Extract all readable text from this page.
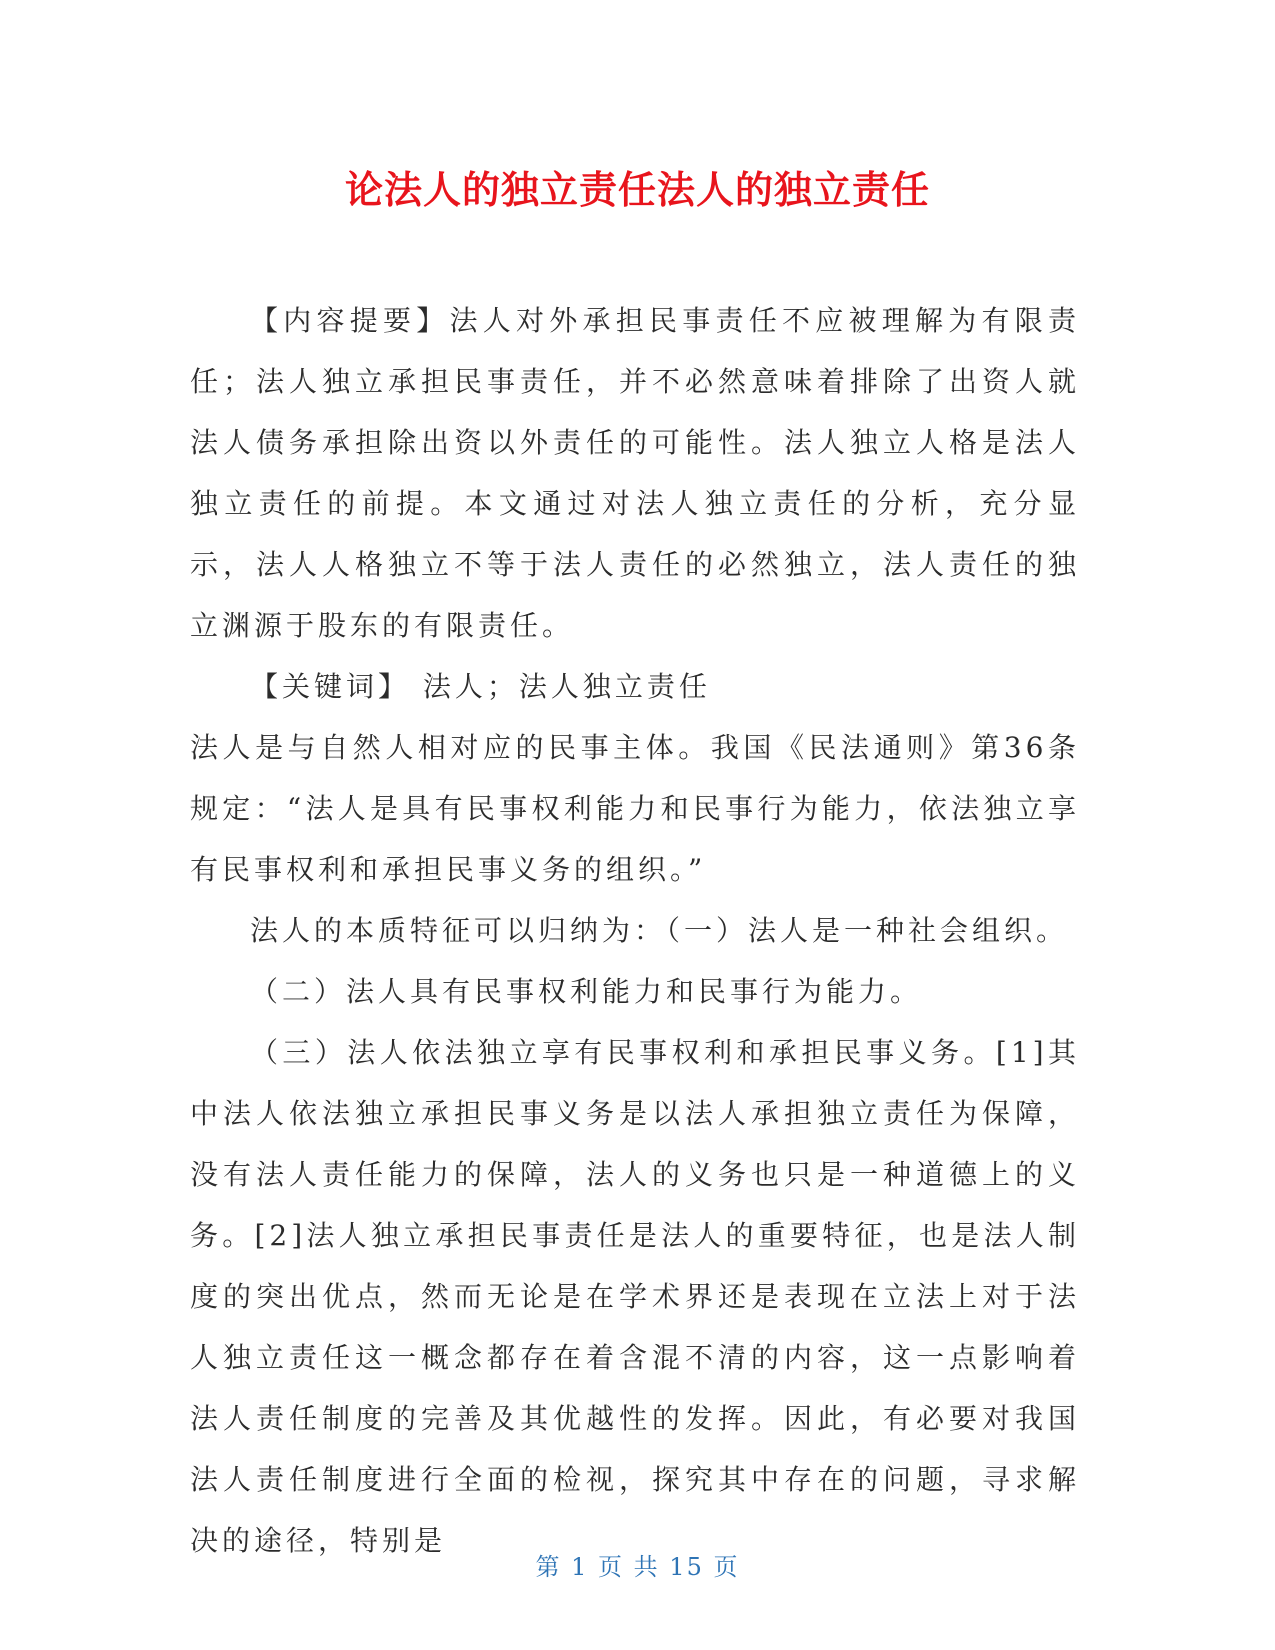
论法人的独立责任法人的独立责任

【内容提要】法人对外承担民事责任不应被理解为有限责任；法人独立承担民事责任，并不必然意味着排除了出资人就法人债务承担除出资以外责任的可能性。法人独立人格是法人独立责任的前提。本文通过对法人独立责任的分析，充分显示，法人人格独立不等于法人责任的必然独立，法人责任的独立渊源于股东的有限责任。

【关键词】 法人；法人独立责任

法人是与自然人相对应的民事主体。我国《民法通则》第36条规定：“法人是具有民事权利能力和民事行为能力，依法独立享有民事权利和承担民事义务的组织。”

法人的本质特征可以归纳为：（一）法人是一种社会组织。

（二）法人具有民事权利能力和民事行为能力。

（三）法人依法独立享有民事权利和承担民事义务。[1]其中法人依法独立承担民事义务是以法人承担独立责任为保障，没有法人责任能力的保障，法人的义务也只是一种道德上的义务。[2]法人独立承担民事责任是法人的重要特征，也是法人制度的突出优点，然而无论是在学术界还是表现在立法上对于法人独立责任这一概念都存在着含混不清的内容，这一点影响着法人责任制度的完善及其优越性的发挥。因此，有必要对我国法人责任制度进行全面的检视，探究其中存在的问题，寻求解决的途径，特别是

第 1 页 共 15 页
